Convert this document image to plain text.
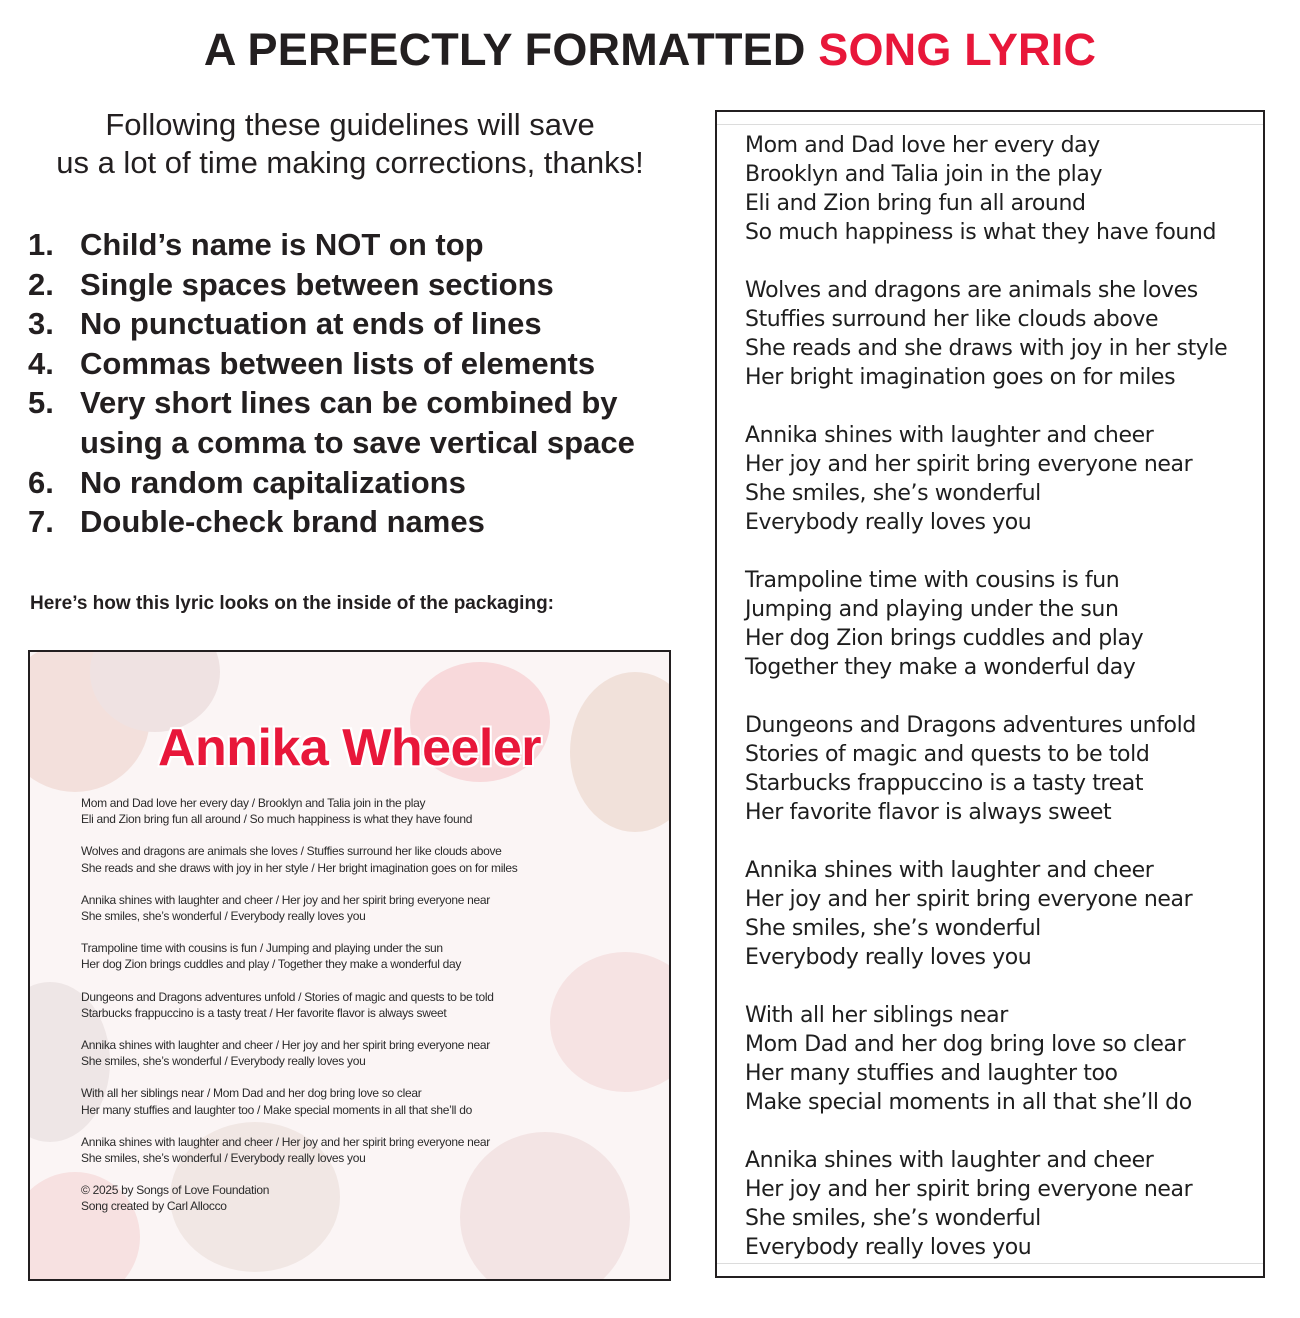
A PERFECTLY FORMATTED SONG LYRIC
Following these guidelines will save
us a lot of time making corrections, thanks!
1. Child’s name is NOT on top
2. Single spaces between sections
3. No punctuation at ends of lines
4. Commas between lists of elements
5. Very short lines can be combined by
using a comma to save vertical space
6. No random capitalizations
7. Double-check brand names
Here’s how this lyric looks on the inside of the packaging:
Annika Wheeler
Mom and Dad love her every day / Brooklyn and Talia join in the play
Eli and Zion bring fun all around / So much happiness is what they have found
Wolves and dragons are animals she loves / Stuffies surround her like clouds above
She reads and she draws with joy in her style / Her bright imagination goes on for miles
Annika shines with laughter and cheer / Her joy and her spirit bring everyone near
She smiles, she’s wonderful / Everybody really loves you
Trampoline time with cousins is fun / Jumping and playing under the sun
Her dog Zion brings cuddles and play / Together they make a wonderful day
Dungeons and Dragons adventures unfold / Stories of magic and quests to be told
Starbucks frappuccino is a tasty treat / Her favorite flavor is always sweet
Annika shines with laughter and cheer / Her joy and her spirit bring everyone near
She smiles, she’s wonderful / Everybody really loves you
With all her siblings near / Mom Dad and her dog bring love so clear
Her many stuffies and laughter too / Make special moments in all that she’ll do
Annika shines with laughter and cheer / Her joy and her spirit bring everyone near
She smiles, she’s wonderful / Everybody really loves you
© 2025 by Songs of Love Foundation
Song created by Carl Allocco
Mom and Dad love her every day
Brooklyn and Talia join in the play
Eli and Zion bring fun all around
So much happiness is what they have found
Wolves and dragons are animals she loves
Stuffies surround her like clouds above
She reads and she draws with joy in her style
Her bright imagination goes on for miles
Annika shines with laughter and cheer
Her joy and her spirit bring everyone near
She smiles, she’s wonderful
Everybody really loves you
Trampoline time with cousins is fun
Jumping and playing under the sun
Her dog Zion brings cuddles and play
Together they make a wonderful day
Dungeons and Dragons adventures unfold
Stories of magic and quests to be told
Starbucks frappuccino is a tasty treat
Her favorite flavor is always sweet
Annika shines with laughter and cheer
Her joy and her spirit bring everyone near
She smiles, she’s wonderful
Everybody really loves you
With all her siblings near
Mom Dad and her dog bring love so clear
Her many stuffies and laughter too
Make special moments in all that she’ll do
Annika shines with laughter and cheer
Her joy and her spirit bring everyone near
She smiles, she’s wonderful
Everybody really loves you
